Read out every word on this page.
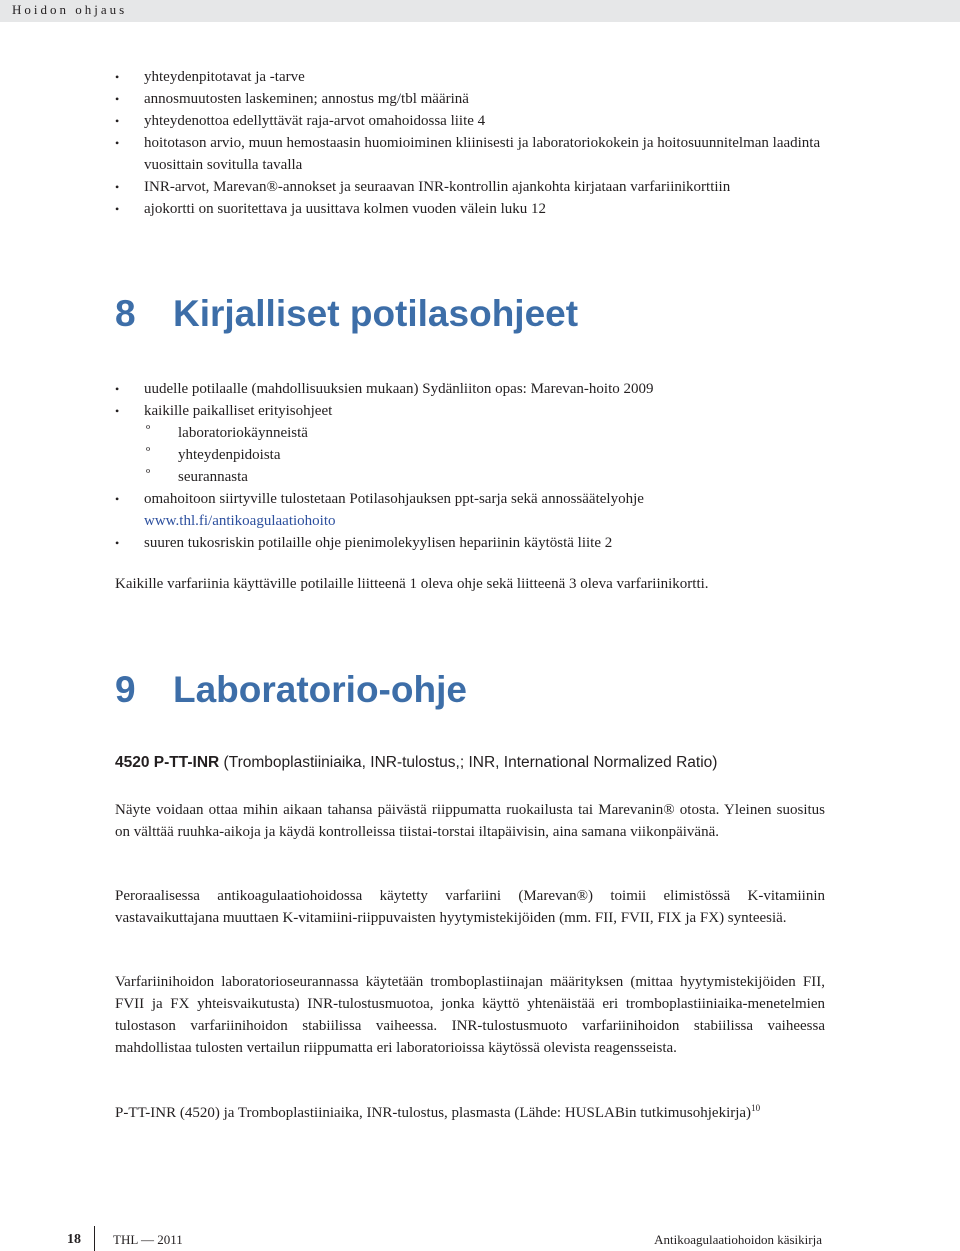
Hoidon ohjaus
• yhteydenpitotavat ja -tarve
• annosmuutosten laskeminen; annostus mg/tbl määrinä
• yhteydenottoa edellyttävät raja-arvot omahoidossa liite 4
• hoitotason arvio, muun hemostaasin huomioiminen kliinisesti ja laboratoriokokein ja hoitosuunnitelman laadinta vuosittain sovitulla tavalla
• INR-arvot, Marevan®-annokset ja seuraavan INR-kontrollin ajankohta kirjataan varfariinikorttiin
• ajokortti on suoritettava ja uusittava kolmen vuoden välein luku 12
8 Kirjalliset potilasohjeet
• uudelle potilaalle (mahdollisuuksien mukaan) Sydänliiton opas: Marevan-hoito 2009
• kaikille paikalliset erityisohjeet
º laboratoriokäynneistä
º yhteydenpidoista
º seurannasta
• omahoitoon siirtyville tulostetaan Potilasohjauksen ppt-sarja sekä annossäätelyohje www.thl.fi/antikoagulaatiohoito
• suuren tukosriskin potilaille ohje pienimolekyylisen hepariinin käytöstä liite 2

Kaikille varfariinia käyttäville potilaille liitteenä 1 oleva ohje sekä liitteenä 3 oleva varfariinikortti.

9 Laboratorio-ohje
4520 P-TT-INR (Tromboplastiiniaika, INR-tulostus,; INR, International Normalized Ratio)

Näyte voidaan ottaa mihin aikaan tahansa päivästä riippumatta ruokailusta tai Marevanin® otosta. Yleinen suositus on välttää ruuhka-aikoja ja käydä kontrolleissa tiistai-torstai iltapäivisin, aina samana viikonpäivänä.

Peroraalisessa antikoagulaatiohoidossa käytetty varfariini (Marevan®) toimii elimistössä K-vitamiinin vastavaikuttajana muuttaen K-vitamiini-riippuvaisten hyytymistekijöiden (mm. FII, FVII, FIX ja FX) synteesiä.

Varfariinihoidon laboratorioseurannassa käytetään tromboplastiinajan määrityksen (mittaa hyytymistekijöiden FII, FVII ja FX yhteisvaikutusta) INR-tulostusmuotoa, jonka käyttö yhtenäistää eri tromboplastiiniaika-menetelmien tulostason varfariinihoidon stabiilissa vaiheessa. INR-tulostusmuoto varfariinihoidon stabiilissa vaiheessa mahdollistaa tulosten vertailun riippumatta eri laboratorioissa käytössä olevista reagensseista.

P-TT-INR (4520) ja Tromboplastiiniaika, INR-tulostus, plasmasta (Lähde: HUSLABin tutkimusohjekirja)$^{10}$

18 THL — 2011	Antikoagulaatiohoidon käsikirja
